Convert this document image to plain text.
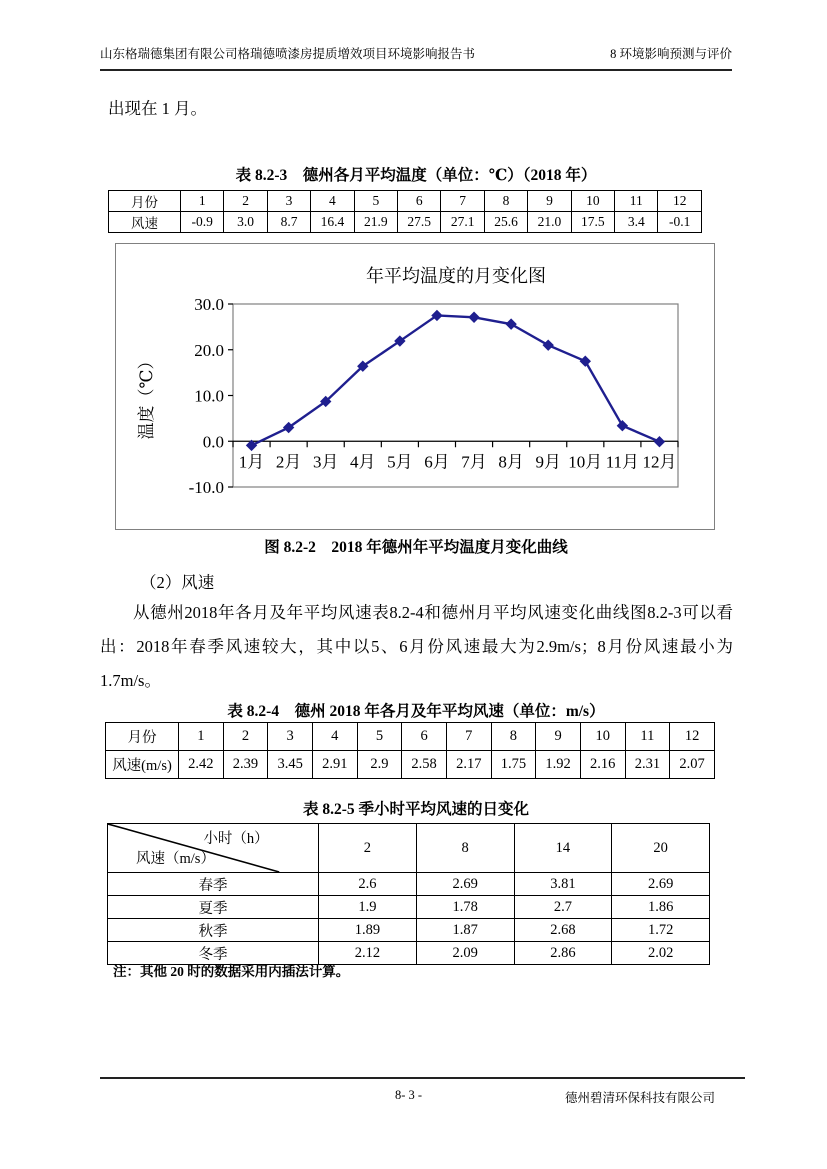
山东格瑞德集团有限公司格瑞德喷漆房提质增效项目环境影响报告书	8 环境影响预测与评价

出现在 1 月。

表 8.2-3　德州各月平均温度（单位：℃）（2018 年）
月份	1	2	3	4	5	6	7	8	9	10	11	12
风速	-0.9	3.0	8.7	16.4	21.9	27.5	27.1	25.6	21.0	17.5	3.4	-0.1
年平均温度的月变化图
温度（℃）
30.0
20.0
10.0
0.0
-10.0
1月 2月 3月 4月 5月 6月 7月 8月 9月 10月 11月 12月
图 8.2-2　2018 年德州年平均温度月变化曲线

（2）风速

从德州2018年各月及年平均风速表8.2-4和德州月平均风速变化曲线图8.2-3可以看出：2018年春季风速较大，其中以5、6月份风速最大为2.9m/s；8月份风速最小为1.7m/s。

表 8.2-4　德州 2018 年各月及年平均风速（单位：m/s）
月份	1	2	3	4	5	6	7	8	9	10	11	12
风速(m/s)	2.42	2.39	3.45	2.91	2.9	2.58	2.17	1.75	1.92	2.16	2.31	2.07
表 8.2-5 季小时平均风速的日变化
小时（h）
风速（m/s）	2	8	14	20
春季	2.6	2.69	3.81	2.69
夏季	1.9	1.78	2.7	1.86
秋季	1.89	1.87	2.68	1.72
冬季	2.12	2.09	2.86	2.02

注：其他 20 时的数据采用内插法计算。

8- 3 -	德州碧清环保科技有限公司
